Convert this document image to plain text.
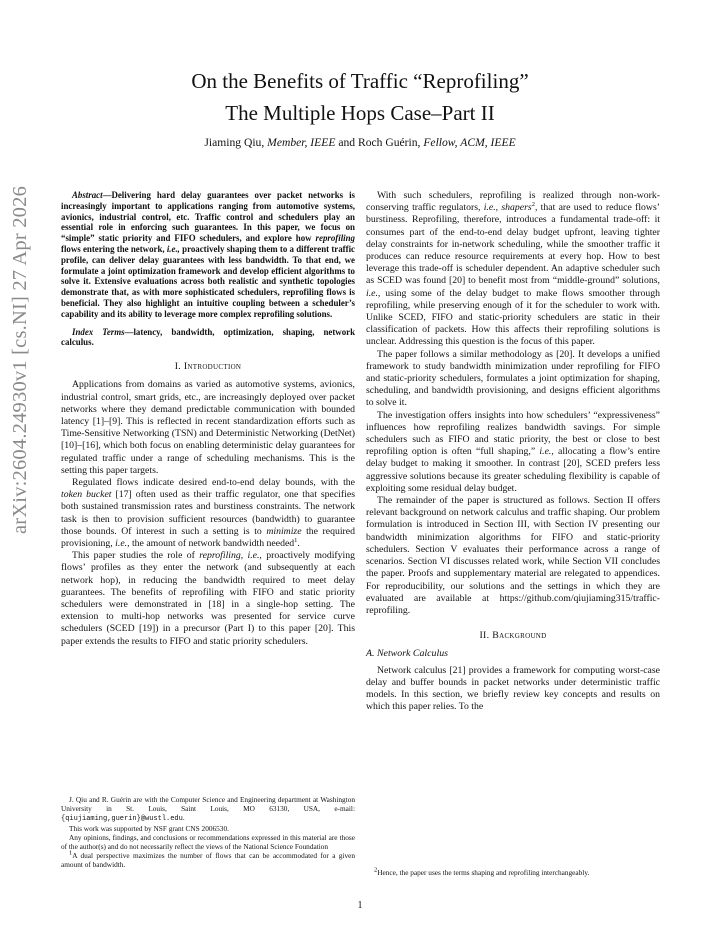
arXiv:2604.24930v1 [cs.NI] 27 Apr 2026
On the Benefits of Traffic “Reprofiling”
The Multiple Hops Case–Part II
Jiaming Qiu, Member, IEEE and Roch Guérin, Fellow, ACM, IEEE

Abstract—Delivering hard delay guarantees over packet networks is increasingly important to applications ranging from automotive systems, avionics, industrial control, etc. Traffic control and schedulers play an essential role in enforcing such guarantees. In this paper, we focus on “simple” static priority and FIFO schedulers, and explore how reprofiling flows entering the network, i.e., proactively shaping them to a different traffic profile, can deliver delay guarantees with less bandwidth. To that end, we formulate a joint optimization framework and develop efficient algorithms to solve it. Extensive evaluations across both realistic and synthetic topologies demonstrate that, as with more sophisticated schedulers, reprofiling flows is beneficial. They also highlight an intuitive coupling between a scheduler’s capability and its ability to leverage more complex reprofiling solutions.

Index Terms—latency, bandwidth, optimization, shaping, network calculus.

I. Introduction

Applications from domains as varied as automotive systems, avionics, industrial control, smart grids, etc., are increasingly deployed over packet networks where they demand predictable communication with bounded latency [1]–[9]. This is reflected in recent standardization efforts such as Time-Sensitive Networking (TSN) and Deterministic Networking (DetNet) [10]–[16], which both focus on enabling deterministic delay guarantees for regulated traffic under a range of scheduling mechanisms. This is the setting this paper targets.

Regulated flows indicate desired end-to-end delay bounds, with the token bucket [17] often used as their traffic regulator, one that specifies both sustained transmission rates and burstiness constraints. The network task is then to provision sufficient resources (bandwidth) to guarantee those bounds. Of interest in such a setting is to minimize the required provisioning, i.e., the amount of network bandwidth needed$^1$.

This paper studies the role of reprofiling, i.e., proactively modifying flows’ profiles as they enter the network (and subsequently at each network hop), in reducing the bandwidth required to meet delay guarantees. The benefits of reprofiling with FIFO and static priority schedulers were demonstrated in [18] in a single-hop setting. The extension to multi-hop networks was presented for service curve schedulers (SCED [19]) in a precursor (Part I) to this paper [20]. This paper extends the results to FIFO and static priority schedulers.

J. Qiu and R. Guérin are with the Computer Science and Engineering department at Washington University in St. Louis, Saint Louis, MO 63130, USA, e-mail: {qiujiaming,guerin}@wustl.edu.

This work was supported by NSF grant CNS 2006530.

Any opinions, findings, and conclusions or recommendations expressed in this material are those of the author(s) and do not necessarily reflect the views of the National Science Foundation

$^1$A dual perspective maximizes the number of flows that can be accommodated for a given amount of bandwidth.

With such schedulers, reprofiling is realized through non-work-conserving traffic regulators, i.e., shapers$^2$, that are used to reduce flows’ burstiness. Reprofiling, therefore, introduces a fundamental trade-off: it consumes part of the end-to-end delay budget upfront, leaving tighter delay constraints for in-network scheduling, while the smoother traffic it produces can reduce resource requirements at every hop. How to best leverage this trade-off is scheduler dependent. An adaptive scheduler such as SCED was found [20] to benefit most from “middle-ground” solutions, i.e., using some of the delay budget to make flows smoother through reprofiling, while preserving enough of it for the scheduler to work with. Unlike SCED, FIFO and static-priority schedulers are static in their classification of packets. How this affects their reprofiling solutions is unclear. Addressing this question is the focus of this paper.

The paper follows a similar methodology as [20]. It develops a unified framework to study bandwidth minimization under reprofiling for FIFO and static-priority schedulers, formulates a joint optimization for shaping, scheduling, and bandwidth provisioning, and designs efficient algorithms to solve it.

The investigation offers insights into how schedulers’ “expressiveness” influences how reprofiling realizes bandwidth savings. For simple schedulers such as FIFO and static priority, the best or close to best reprofiling option is often “full shaping,” i.e., allocating a flow’s entire delay budget to making it smoother. In contrast [20], SCED prefers less aggressive solutions because its greater scheduling flexibility is capable of exploiting some residual delay budget.

The remainder of the paper is structured as follows. Section II offers relevant background on network calculus and traffic shaping. Our problem formulation is introduced in Section III, with Section IV presenting our bandwidth minimization algorithms for FIFO and static-priority schedulers. Section V evaluates their performance across a range of scenarios. Section VI discusses related work, while Section VII concludes the paper. Proofs and supplementary material are relegated to appendices. For reproducibility, our solutions and the settings in which they are evaluated are available at https://github.com/qiujiaming315/traffic-reprofiling.

II. Background
A. Network Calculus

Network calculus [21] provides a framework for computing worst-case delay and buffer bounds in packet networks under deterministic traffic models. In this section, we briefly review key concepts and results on which this paper relies. To the

$^2$Hence, the paper uses the terms shaping and reprofiling interchangeably.

1
